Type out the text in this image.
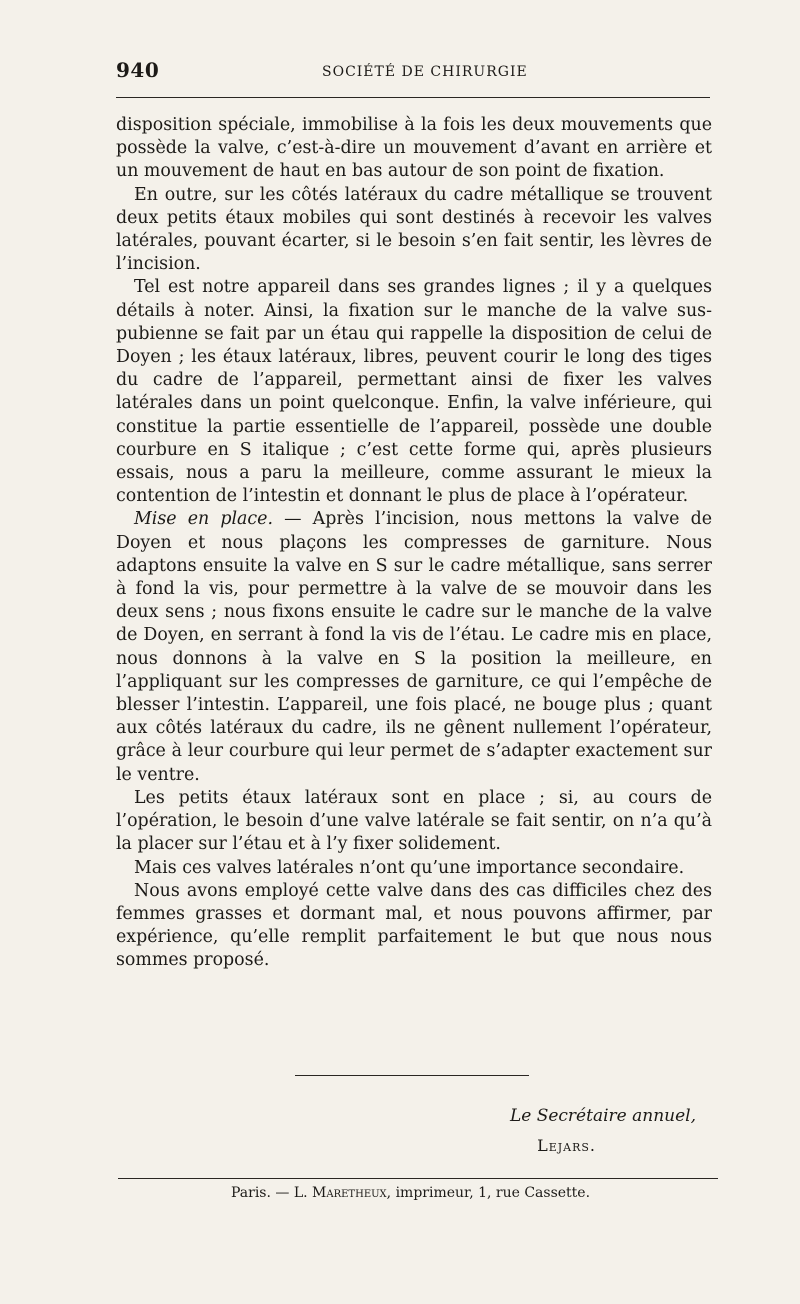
940	SOCIÉTÉ DE CHIRURGIE

disposition spéciale, immobilise à la fois les deux mouvements que possède la valve, c’est-à-dire un mouvement d’avant en arrière et un mouvement de haut en bas autour de son point de fixation.

En outre, sur les côtés latéraux du cadre métallique se trouvent deux petits étaux mobiles qui sont destinés à recevoir les valves latérales, pouvant écarter, si le besoin s’en fait sentir, les lèvres de l’incision.

Tel est notre appareil dans ses grandes lignes ; il y a quelques détails à noter. Ainsi, la fixation sur le manche de la valve sus-pubienne se fait par un étau qui rappelle la disposition de celui de Doyen ; les étaux latéraux, libres, peuvent courir le long des tiges du cadre de l’appareil, permettant ainsi de fixer les valves latérales dans un point quelconque. Enfin, la valve inférieure, qui constitue la partie essentielle de l’appareil, possède une double courbure en S italique ; c’est cette forme qui, après plusieurs essais, nous a paru la meilleure, comme assurant le mieux la contention de l’intestin et donnant le plus de place à l’opérateur.

Mise en place. — Après l’incision, nous mettons la valve de Doyen et nous plaçons les compresses de garniture. Nous adaptons ensuite la valve en S sur le cadre métallique, sans serrer à fond la vis, pour permettre à la valve de se mouvoir dans les deux sens ; nous fixons ensuite le cadre sur le manche de la valve de Doyen, en serrant à fond la vis de l’étau. Le cadre mis en place, nous donnons à la valve en S la position la meilleure, en l’appliquant sur les compresses de garniture, ce qui l’empêche de blesser l’intestin. L’appareil, une fois placé, ne bouge plus ; quant aux côtés latéraux du cadre, ils ne gênent nullement l’opérateur, grâce à leur courbure qui leur permet de s’adapter exactement sur le ventre.

Les petits étaux latéraux sont en place ; si, au cours de l’opération, le besoin d’une valve latérale se fait sentir, on n’a qu’à la placer sur l’étau et à l’y fixer solidement.

Mais ces valves latérales n’ont qu’une importance secondaire.

Nous avons employé cette valve dans des cas difficiles chez des femmes grasses et dormant mal, et nous pouvons affirmer, par expérience, qu’elle remplit parfaitement le but que nous nous sommes proposé.

Le Secrétaire annuel,
Lejars.
Paris. — L. Maretheux, imprimeur, 1, rue Cassette.
